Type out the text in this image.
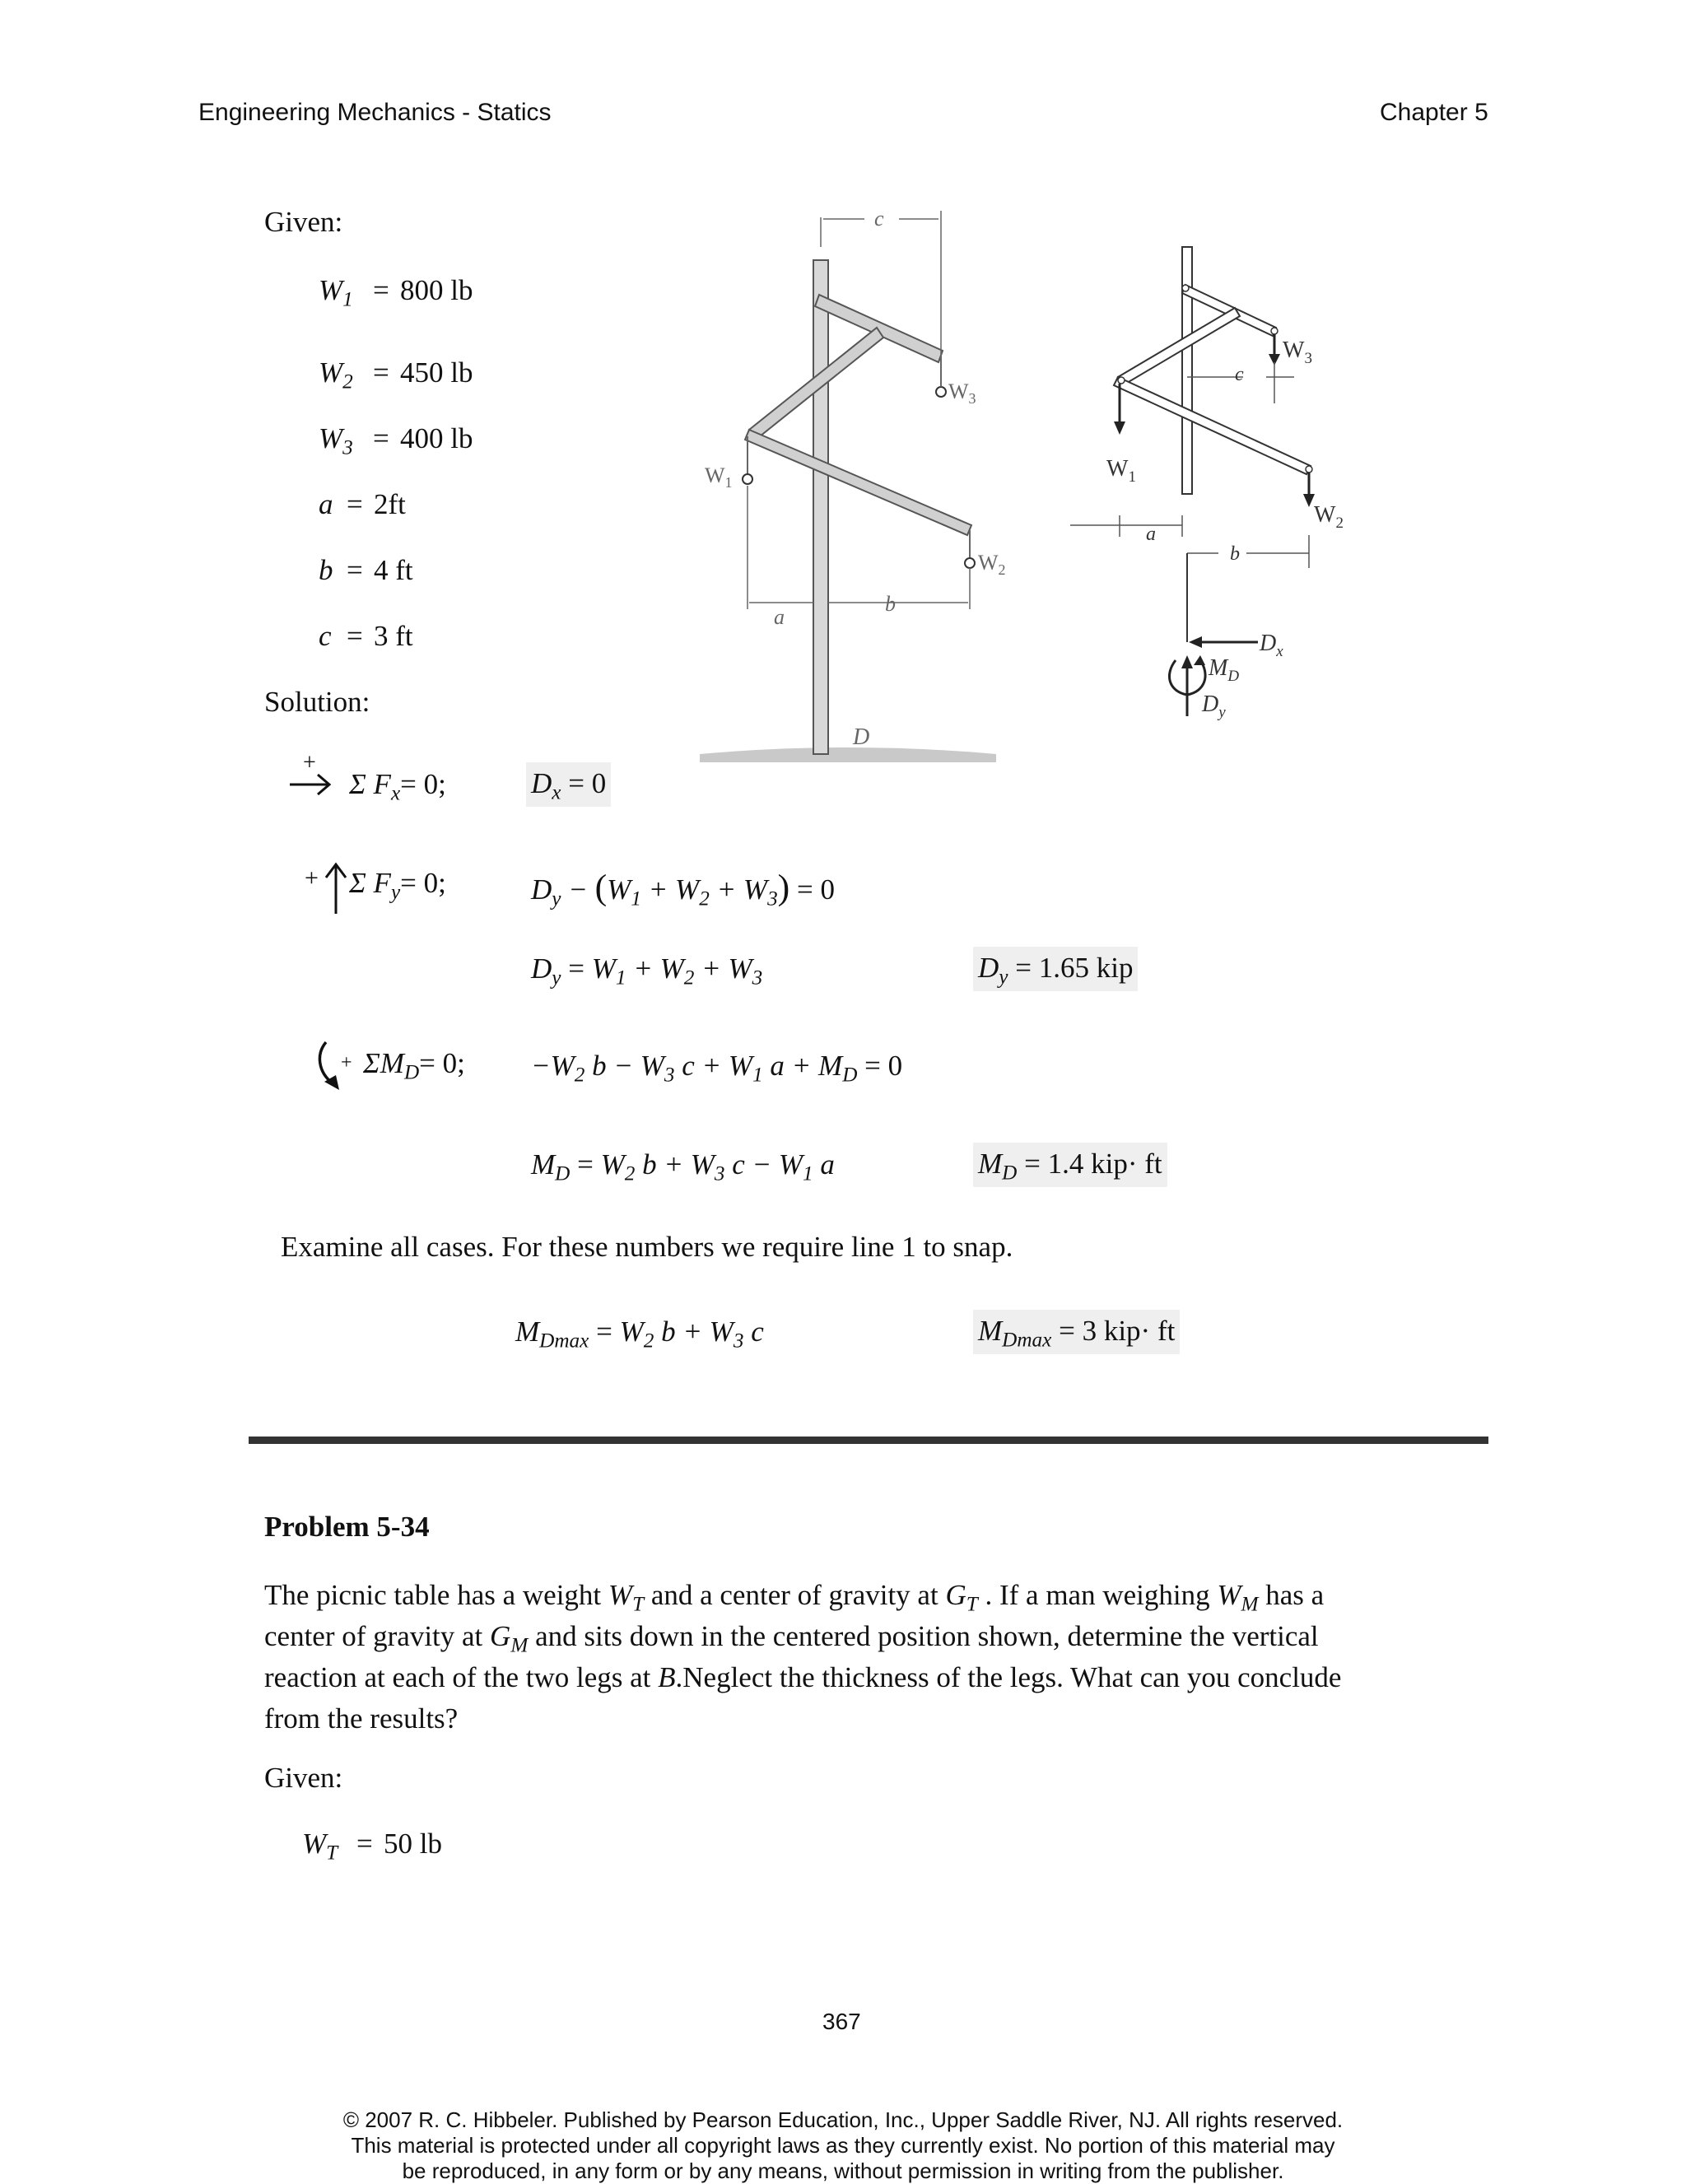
Engineering Mechanics - Statics	Chapter 5
Given:
$W_1 = 800$ lb
$W_2 = 450$ lb
$W_3 = 400$ lb
a = 2ft
b = 4 ft
c = 3 ft
Solution:
+
Σ $F_x= 0$;	$D_x = 0$
+ Σ $F_y= 0$;	$D_y - (W_1 + W_2 + W_3) = 0$
$D_y = W_1 + W_2 + W_3$	$D_y = 1.65$ kip
+ $\Sigma M_D= 0$; $-W_2$ $b - W_3$ $c + W_1$ $a + M_D = 0$
$M_D = W_2$ $b + W_3$ $c - W_1$ a	$M_D = 1.4$ kip· ft
Examine all cases. For these numbers we require line 1 to snap.
$M_{Dmax} = W_2$ $b + W_3$ c	$M_{Dmax} = 3$ kip· ft
Problem 5-34
The picnic table has a weight $W_T$ and a center of gravity at $G_T$ . If a man weighing $W_M$ has a center of gravity at $G_M$ and sits down in the centered position shown, determine the vertical reaction at each of the two legs at B.Neglect the thickness of the legs. What can you conclude from the results?
Given:
$W_T = 50$ lb
367
© 2007 R. C. Hibbeler. Published by Pearson Education, Inc., Upper Saddle River, NJ. All rights reserved.
This material is protected under all copyright laws as they currently exist. No portion of this material may
be reproduced, in any form or by any means, without permission in writing from the publisher.
c
a
b
$W_1$
$W_3$
$W_2$
D
$W_3$
$W_1$
$W_2$
c
a
b
$D_x$
$M_D$
$D_y$
